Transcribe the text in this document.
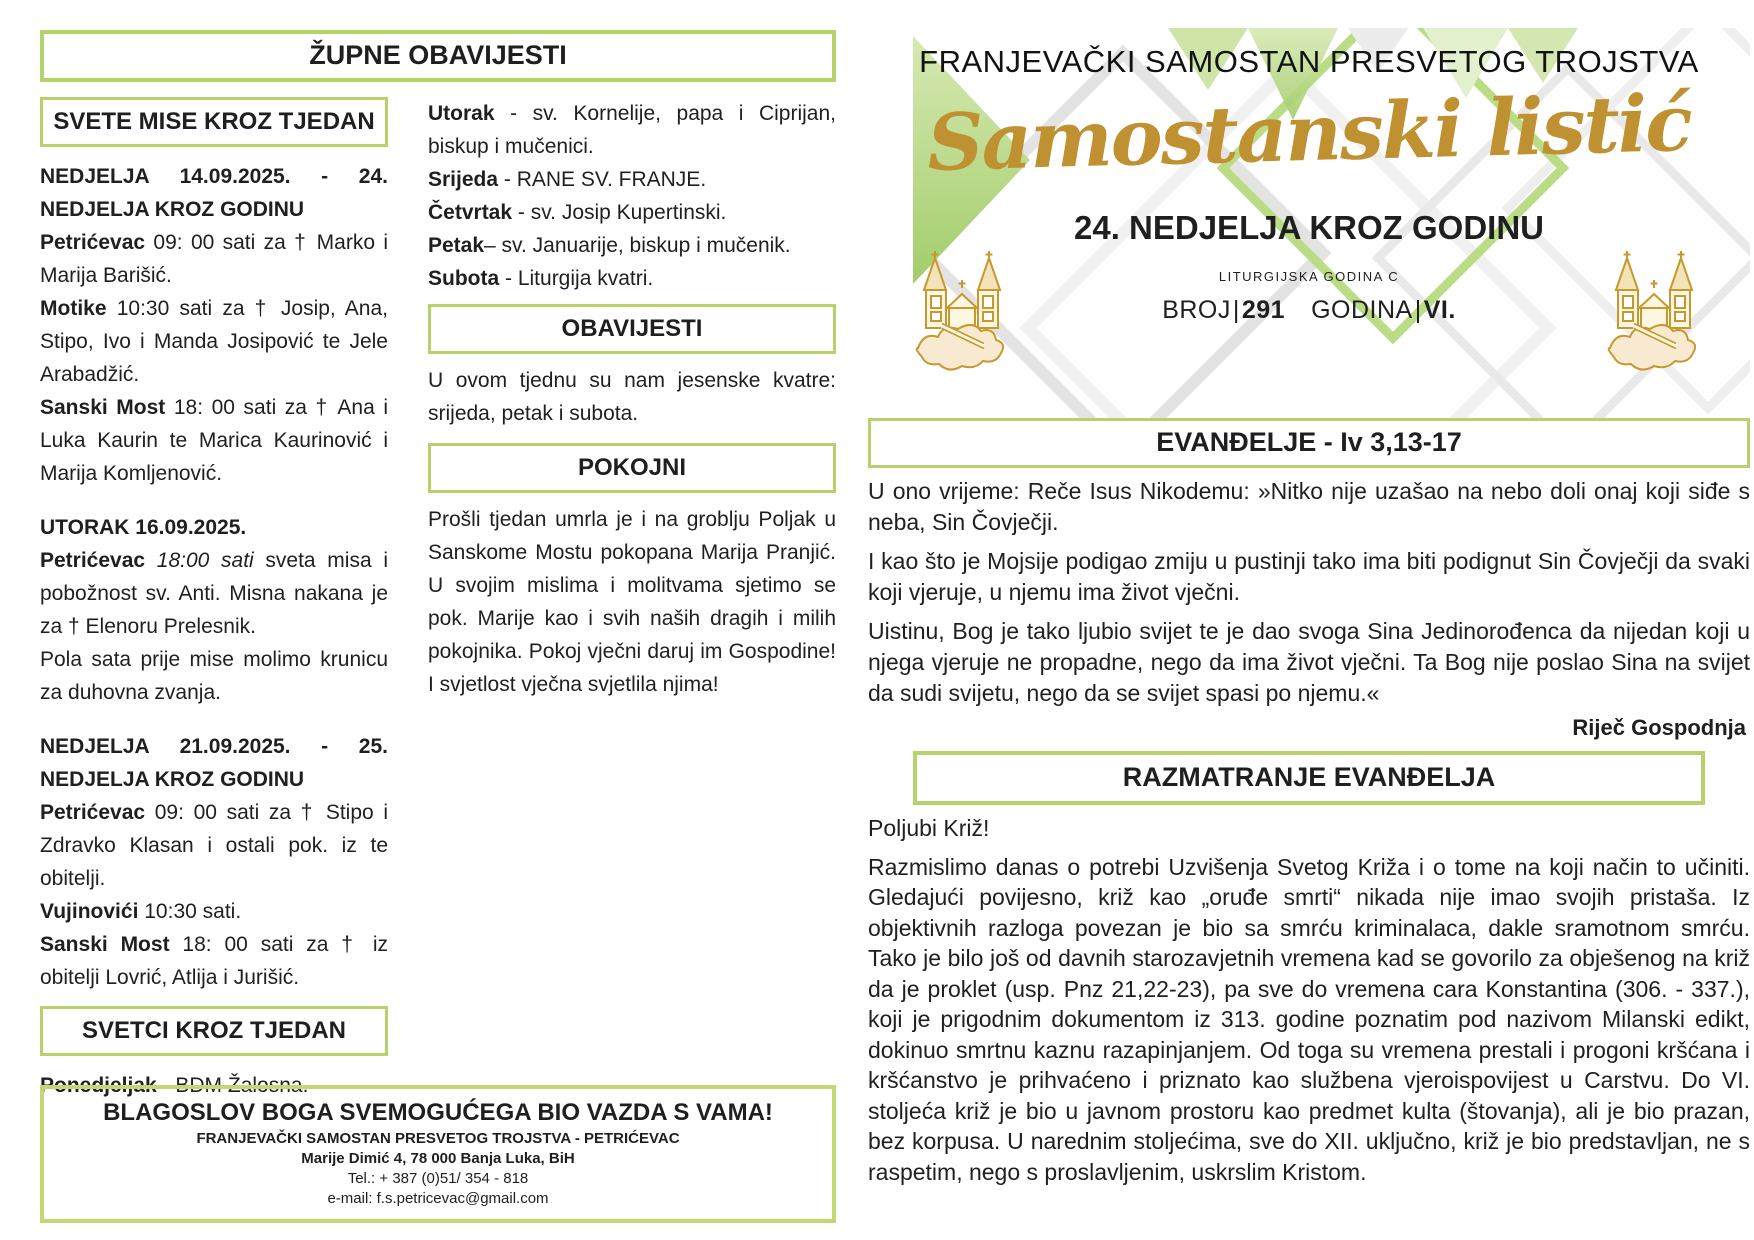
ŽUPNE OBAVIJESTI
SVETE MISE KROZ TJEDAN

NEDJELJA 14.09.2025. - 24. NEDJELJA KROZ GODINU

Petrićevac 09: 00 sati za † Marko i Marija Barišić.

Motike 10:30 sati za † Josip, Ana, Stipo, Ivo i Manda Josipović te Jele Arabadžić.

Sanski Most 18: 00 sati za † Ana i Luka Kaurin te Marica Kaurinović i Marija Komljenović.

UTORAK 16.09.2025.

Petrićevac 18:00 sati sveta misa i pobožnost sv. Anti. Misna nakana je za † Elenoru Prelesnik.

Pola sata prije mise molimo krunicu za duhovna zvanja.

NEDJELJA 21.09.2025. - 25. NEDJELJA KROZ GODINU

Petrićevac 09: 00 sati za † Stipo i Zdravko Klasan i ostali pok. iz te obitelji.

Vujinovići 10:30 sati.

Sanski Most 18: 00 sati za † iz obitelji Lovrić, Atlija i Jurišić.

SVETCI KROZ TJEDAN

Ponedjeljak - BDM Žalosna.

Utorak - sv. Kornelije, papa i Ciprijan, biskup i mučenici.

Srijeda - RANE SV. FRANJE.

Četvrtak - sv. Josip Kupertinski.

Petak– sv. Januarije, biskup i mučenik.

Subota - Liturgija kvatri.

OBAVIJESTI

U ovom tjednu su nam jesenske kvatre: srijeda, petak i subota.

POKOJNI

Prošli tjedan umrla je i na groblju Poljak u Sanskome Mostu pokopana Marija Pranjić. U svojim mislima i molitvama sjetimo se pok. Marije kao i svih naših dragih i milih pokojnika. Pokoj vječni daruj im Gospodine! I svjetlost vječna svjetlila njima!

BLAGOSLOV BOGA SVEMOGUĆEGA BIO VAZDA S VAMA!
FRANJEVAČKI SAMOSTAN PRESVETOG TROJSTVA - PETRIĆEVAC
Marije Dimić 4, 78 000 Banja Luka, BiH
Tel.: + 387 (0)51/ 354 - 818
e-mail: f.s.petricevac@gmail.com
FRANJEVAČKI SAMOSTAN PRESVETOG TROJSTVA
Samostanski listić
24. NEDJELJA KROZ GODINU
LITURGIJSKA GODINA C
BROJ|291 GODINA|VI.
EVANĐELJE - Iv 3,13-17

U ono vrijeme: Reče Isus Nikodemu: »Nitko nije uzašao na nebo doli onaj koji siđe s neba, Sin Čovječji.

I kao što je Mojsije podigao zmiju u pustinji tako ima biti podignut Sin Čovječji da svaki koji vjeruje, u njemu ima život vječni.

Uistinu, Bog je tako ljubio svijet te je dao svoga Sina Jedinorođenca da nijedan koji u njega vjeruje ne propadne, nego da ima život vječni. Ta Bog nije poslao Sina na svijet da sudi svijetu, nego da se svijet spasi po njemu.«

Riječ Gospodnja
RAZMATRANJE EVANĐELJA

Poljubi Križ!

Razmislimo danas o potrebi Uzvišenja Svetog Križa i o tome na koji način to učiniti. Gledajući povijesno, križ kao „oruđe smrti“ nikada nije imao svojih pristaša. Iz objektivnih razloga povezan je bio sa smrću kriminalaca, dakle sramotnom smrću. Tako je bilo još od davnih starozavjetnih vremena kad se govorilo za obješenog na križ da je proklet (usp. Pnz 21,22-23), pa sve do vremena cara Konstantina (306. - 337.), koji je prigodnim dokumentom iz 313. godine poznatim pod nazivom Milanski edikt, dokinuo smrtnu kaznu razapinjanjem. Od toga su vremena prestali i progoni kršćana i kršćanstvo je prihvaćeno i priznato kao službena vjeroispovijest u Carstvu. Do VI. stoljeća križ je bio u javnom prostoru kao predmet kulta (štovanja), ali je bio prazan, bez korpusa. U narednim stoljećima, sve do XII. uključno, križ je bio predstavljan, ne s raspetim, nego s proslavljenim, uskrslim Kristom.
